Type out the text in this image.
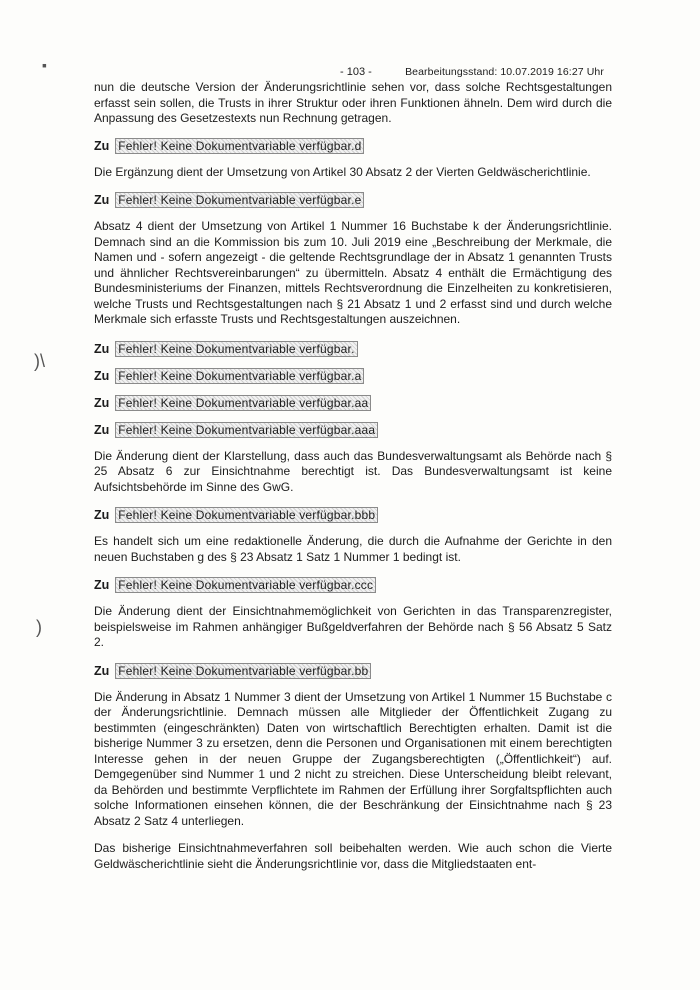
▪
)\
)
- 103 -	Bearbeitungsstand: 10.07.2019 16:27 Uhr

nun die deutsche Version der Änderungsrichtlinie sehen vor, dass solche Rechtsgestaltungen erfasst sein sollen, die Trusts in ihrer Struktur oder ihren Funktionen ähneln. Dem wird durch die Anpassung des Gesetzestexts nun Rechnung getragen.

Zu Fehler! Keine Dokumentvariable verfügbar.d

Die Ergänzung dient der Umsetzung von Artikel 30 Absatz 2 der Vierten Geldwäscherichtlinie.

Zu Fehler! Keine Dokumentvariable verfügbar.e

Absatz 4 dient der Umsetzung von Artikel 1 Nummer 16 Buchstabe k der Änderungsrichtlinie. Demnach sind an die Kommission bis zum 10. Juli 2019 eine „Beschreibung der Merkmale, die Namen und - sofern angezeigt - die geltende Rechtsgrundlage der in Absatz 1 genannten Trusts und ähnlicher Rechtsvereinbarungen“ zu übermitteln. Absatz 4 enthält die Ermächtigung des Bundesministeriums der Finanzen, mittels Rechtsverordnung die Einzelheiten zu konkretisieren, welche Trusts und Rechtsgestaltungen nach § 21 Absatz 1 und 2 erfasst sind und durch welche Merkmale sich erfasste Trusts und Rechtsgestaltungen auszeichnen.

Zu Fehler! Keine Dokumentvariable verfügbar.

Zu Fehler! Keine Dokumentvariable verfügbar.a

Zu Fehler! Keine Dokumentvariable verfügbar.aa

Zu Fehler! Keine Dokumentvariable verfügbar.aaa

Die Änderung dient der Klarstellung, dass auch das Bundesverwaltungsamt als Behörde nach § 25 Absatz 6 zur Einsichtnahme berechtigt ist. Das Bundesverwaltungsamt ist keine Aufsichtsbehörde im Sinne des GwG.

Zu Fehler! Keine Dokumentvariable verfügbar.bbb

Es handelt sich um eine redaktionelle Änderung, die durch die Aufnahme der Gerichte in den neuen Buchstaben g des § 23 Absatz 1 Satz 1 Nummer 1 bedingt ist.

Zu Fehler! Keine Dokumentvariable verfügbar.ccc

Die Änderung dient der Einsichtnahmemöglichkeit von Gerichten in das Transparenzregister, beispielsweise im Rahmen anhängiger Bußgeldverfahren der Behörde nach § 56 Absatz 5 Satz 2.

Zu Fehler! Keine Dokumentvariable verfügbar.bb

Die Änderung in Absatz 1 Nummer 3 dient der Umsetzung von Artikel 1 Nummer 15 Buchstabe c der Änderungsrichtlinie. Demnach müssen alle Mitglieder der Öffentlichkeit Zugang zu bestimmten (eingeschränkten) Daten von wirtschaftlich Berechtigten erhalten. Damit ist die bisherige Nummer 3 zu ersetzen, denn die Personen und Organisationen mit einem berechtigten Interesse gehen in der neuen Gruppe der Zugangsberechtigten („Öffentlichkeit“) auf. Demgegenüber sind Nummer 1 und 2 nicht zu streichen. Diese Unterscheidung bleibt relevant, da Behörden und bestimmte Verpflichtete im Rahmen der Erfüllung ihrer Sorgfaltspflichten auch solche Informationen einsehen können, die der Beschränkung der Einsichtnahme nach § 23 Absatz 2 Satz 4 unterliegen.

Das bisherige Einsichtnahmeverfahren soll beibehalten werden. Wie auch schon die Vierte Geldwäscherichtlinie sieht die Änderungsrichtlinie vor, dass die Mitgliedstaaten ent-
